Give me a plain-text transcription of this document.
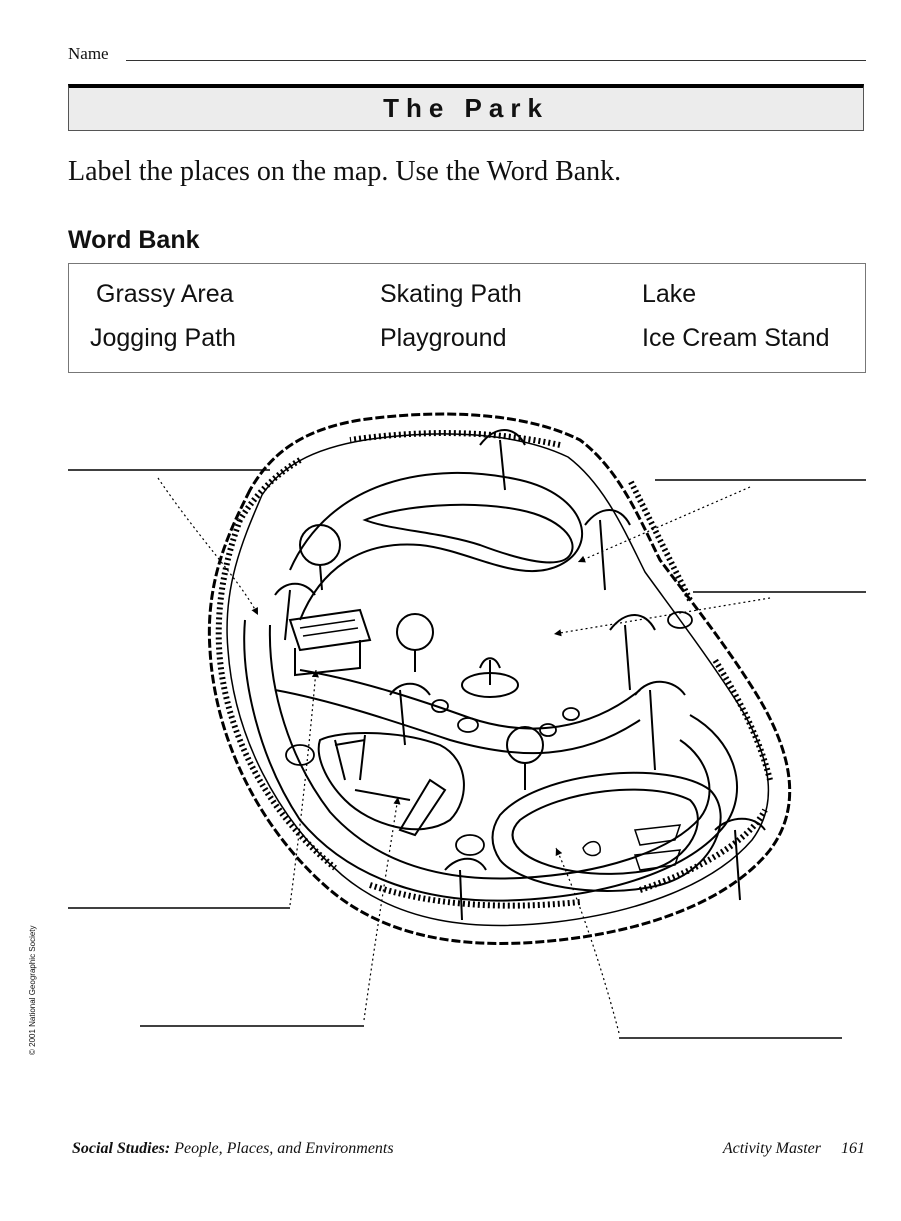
Name
The Park
Label the places on the map. Use the Word Bank.
Word Bank
Grassy Area	Skating Path	Lake
Jogging Path	Playground	Ice Cream Stand
© 2001 National Geographic Society
Social Studies: People, Places, and Environments	Activity Master 161
